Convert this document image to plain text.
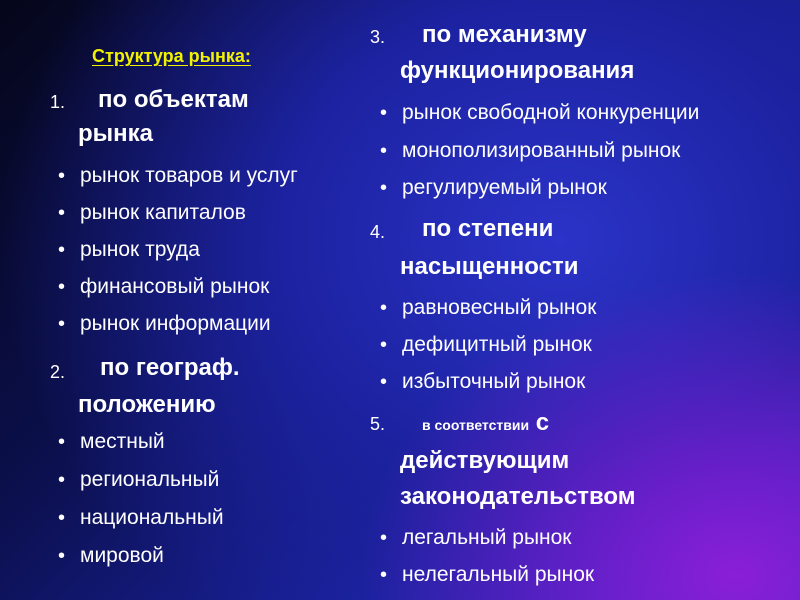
Структура рынка:
1. по объектам
рынка
• рынок товаров и услуг
• рынок капиталов
• рынок труда
• финансовый рынок
• рынок информации
2. по географ.
положению
• местный
• региональный
• национальный
• мировой
3. по механизму
функционирования
• рынок свободной конкуренции
• монополизированный рынок
• регулируемый рынок
4. по степени
насыщенности
• равновесный рынок
• дефицитный рынок
• избыточный рынок
5.	в соответствии с
действующим
законодательством
• легальный рынок
• нелегальный рынок
